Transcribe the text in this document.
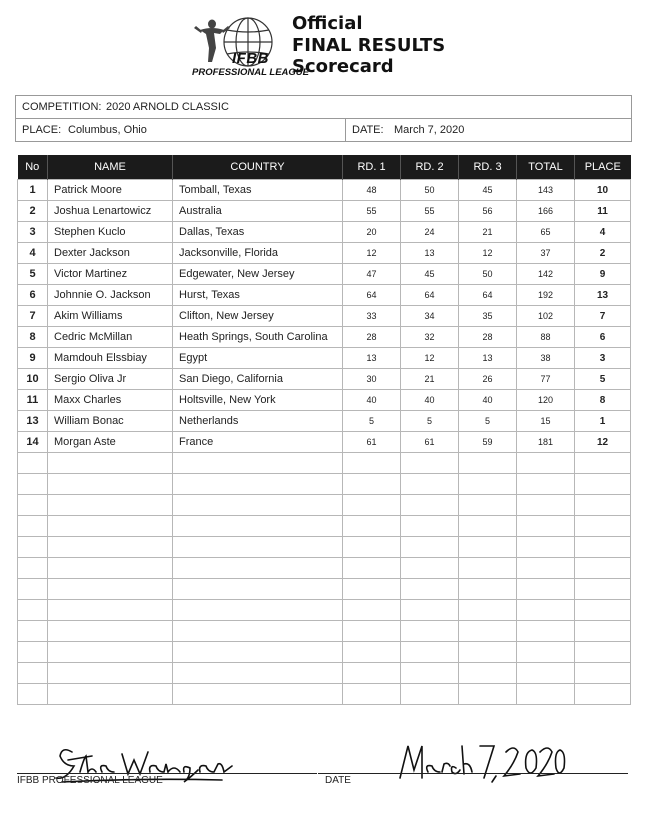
IFBB
PROFESSIONAL LEAGUE
Official
FINAL RESULTS
Scorecard
COMPETITION: 2020 ARNOLD CLASSIC
PLACE: Columbus, Ohio	DATE: March 7, 2020
No	NAME	COUNTRY	RD. 1	RD. 2	RD. 3	TOTAL	PLACE
1	Patrick Moore	Tomball, Texas	48	50	45	143	10
2	Joshua Lenartowicz	Australia	55	55	56	166	11
3	Stephen Kuclo	Dallas, Texas	20	24	21	65	4
4	Dexter Jackson	Jacksonville, Florida	12	13	12	37	2
5	Victor Martinez	Edgewater, New Jersey	47	45	50	142	9
6	Johnnie O. Jackson	Hurst, Texas	64	64	64	192	13
7	Akim Williams	Clifton, New Jersey	33	34	35	102	7
8	Cedric McMillan	Heath Springs, South Carolina	28	32	28	88	6
9	Mamdouh Elssbiay	Egypt	13	12	13	38	3
10	Sergio Oliva Jr	San Diego, California	30	21	26	77	5
11	Maxx Charles	Holtsville, New York	40	40	40	120	8
13	William Bonac	Netherlands	5	5	5	15	1
14	Morgan Aste	France	61	61	59	181	12

IFBB PROFESSIONAL LEAGUE	DATE
